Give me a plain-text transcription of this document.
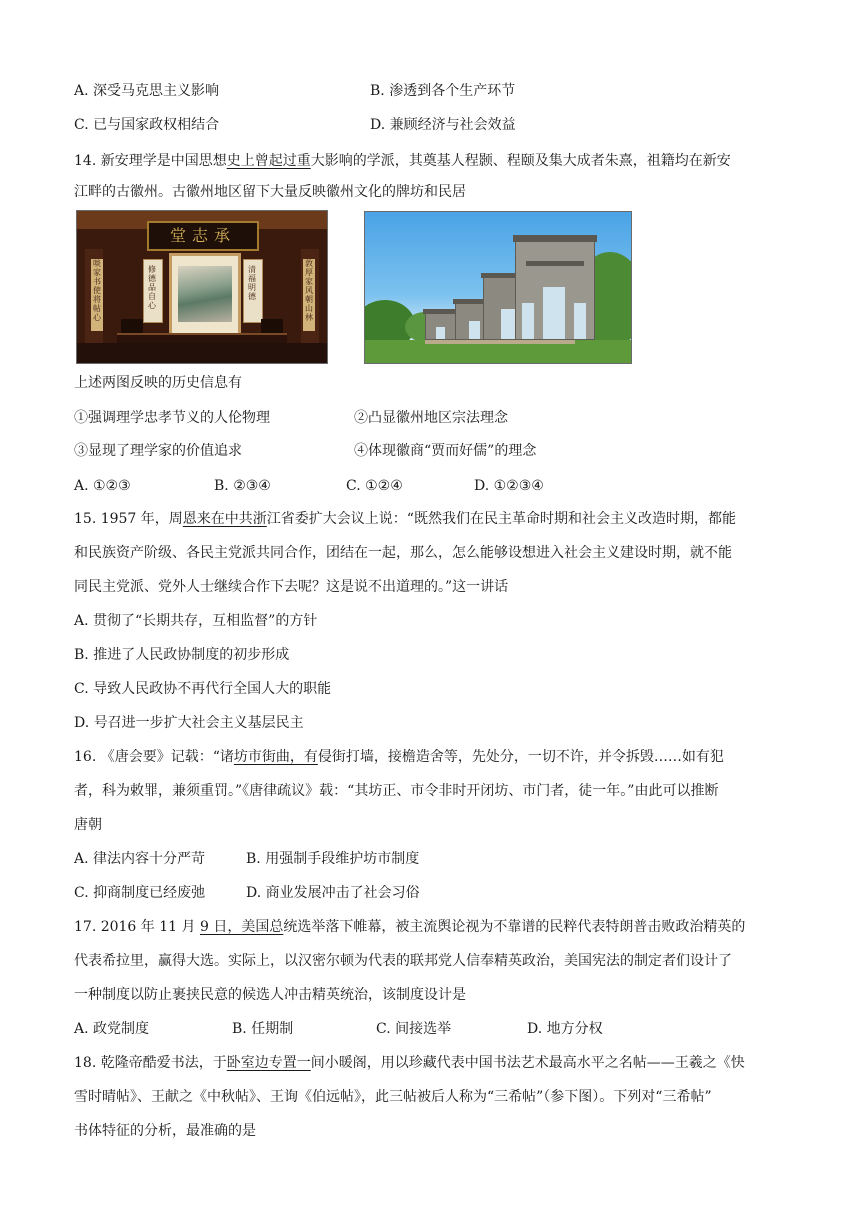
A. 深受马克思主义影响	B. 渗透到各个生产环节
C. 已与国家政权相结合	D. 兼顾经济与社会效益
14. 新安理学是中国思想史上曾起过重大影响的学派，其奠基人程颢、程颐及集大成者朱熹，祖籍均在新安
江畔的古徽州。古徽州地区留下大量反映徽州文化的牌坊和民居
堂志承
啖家书使将帖心
敦厚家风朝山林
修德品自心
清福明德
上述两图反映的历史信息有
①强调理学忠孝节义的人伦物理	②凸显徽州地区宗法理念
③显现了理学家的价值追求	④体现徽商“贾而好儒”的理念
A. ①②③	B. ②③④	C. ①②④	D. ①②③④
15. 1957 年，周恩来在中共浙江省委扩大会议上说：“既然我们在民主革命时期和社会主义改造时期，都能
和民族资产阶级、各民主党派共同合作，团结在一起，那么，怎么能够设想进入社会主义建设时期，就不能
同民主党派、党外人士继续合作下去呢？这是说不出道理的。”这一讲话
A. 贯彻了“长期共存，互相监督”的方针
B. 推进了人民政协制度的初步形成
C. 导致人民政协不再代行全国人大的职能
D. 号召进一步扩大社会主义基层民主
16. 《唐会要》记载：“诸坊市街曲，有侵街打墙，接檐造舍等，先处分，一切不许，并令拆毁……如有犯
者，科为敕罪，兼须重罚。”《唐律疏议》载：“其坊正、市令非时开闭坊、市门者，徒一年。”由此可以推断
唐朝
A. 律法内容十分严苛	B. 用强制手段维护坊市制度
C. 抑商制度已经废弛	D. 商业发展冲击了社会习俗
17. 2016 年 11 月 9 日，美国总统选举落下帷幕，被主流舆论视为不靠谱的民粹代表特朗普击败政治精英的
代表希拉里，赢得大选。实际上，以汉密尔顿为代表的联邦党人信奉精英政治，美国宪法的制定者们设计了
一种制度以防止裹挟民意的候选人冲击精英统治，该制度设计是
A. 政党制度	B. 任期制	C. 间接选举	D. 地方分权
18. 乾隆帝酷爱书法，于卧室边专置一间小暖阁，用以珍藏代表中国书法艺术最高水平之名帖——王羲之《快
雪时晴帖》、王献之《中秋帖》、王询《伯远帖》，此三帖被后人称为“三希帖”（参下图）。下列对“三希帖”
书体特征的分析，最准确的是
